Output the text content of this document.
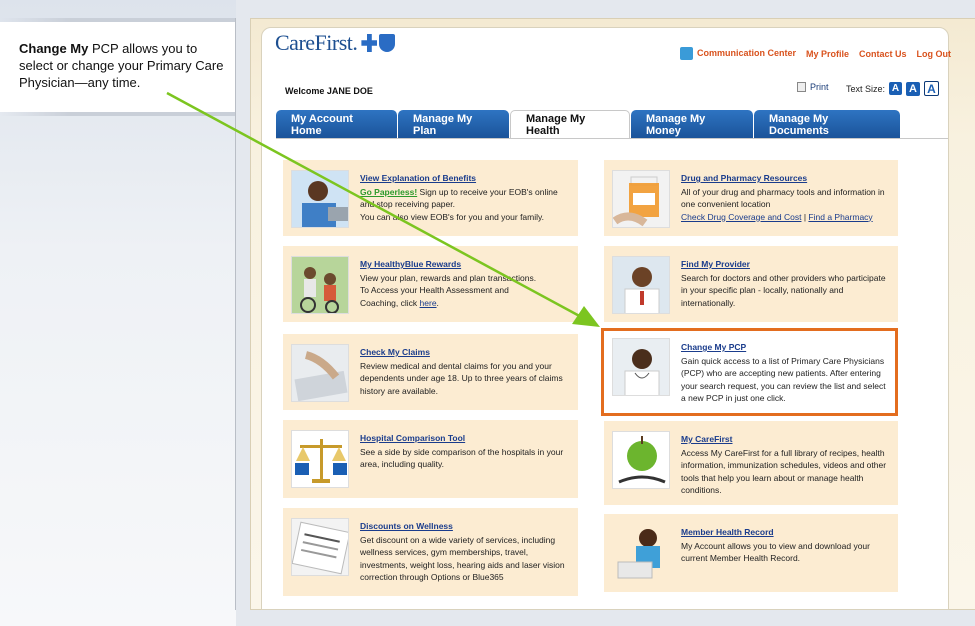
Change My PCP allows you to select or change your Primary Care Physician—any time.
CareFirst.	Communication Center My Profile Contact Us Log Out
Welcome JANE DOE	Print Text Size: A A A
My Account Home
Manage My Plan
Manage My Health
Manage My Money
Manage My Documents
View Explanation of Benefits
Go Paperless! Sign up to receive your EOB's online
and stop receiving paper.
You can also view EOB's for you and your family.
My HealthyBlue Rewards
View your plan, rewards and plan transactions.
To Access your Health Assessment and
Coaching, click here.
Check My Claims
Review medical and dental claims for you and your
dependents under age 18. Up to three years of claims
history are available.
Hospital Comparison Tool
See a side by side comparison of the hospitals in your
area, including quality.
Discounts on Wellness
Get discount on a wide variety of services, including
wellness services, gym memberships, travel,
investments, weight loss, hearing aids and laser vision
correction through Options or Blue365
Drug and Pharmacy Resources
All of your drug and pharmacy tools and information in
one convenient location
Check Drug Coverage and Cost | Find a Pharmacy
Find My Provider
Search for doctors and other providers who participate
in your specific plan - locally, nationally and
internationally.
Change My PCP
Gain quick access to a list of Primary Care Physicians
(PCP) who are accepting new patients. After entering
your search request, you can review the list and select
a new PCP in just one click.
My CareFirst
Access My CareFirst for a full library of recipes, health
information, immunization schedules, videos and other
tools that help you learn about or manage health
conditions.
Member Health Record
My Account allows you to view and download your
current Member Health Record.
